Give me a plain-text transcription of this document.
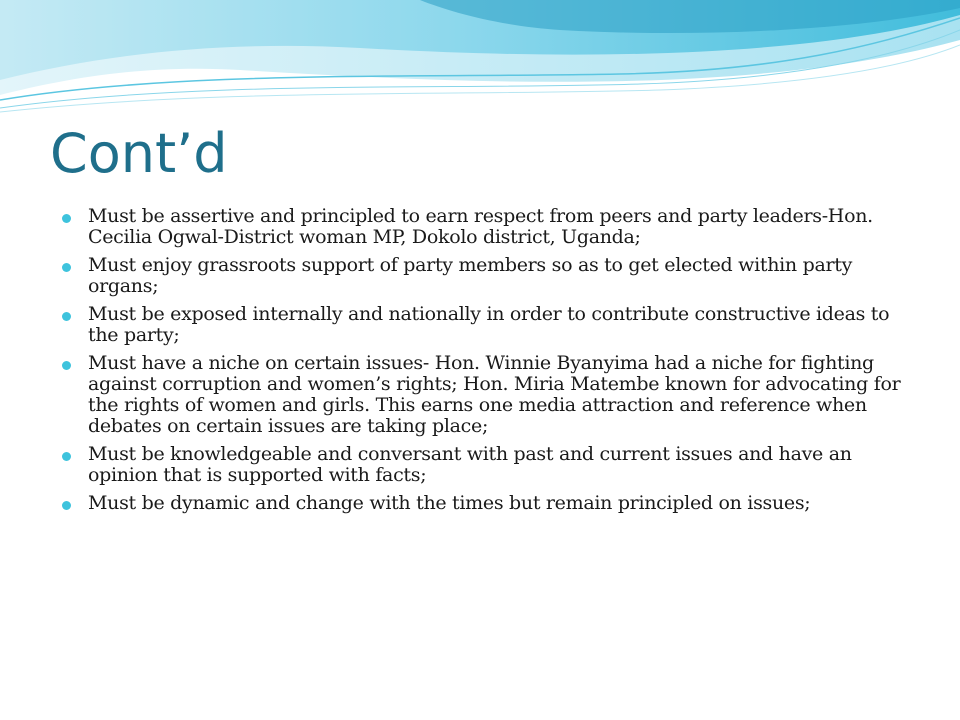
Cont’d
Must be assertive and principled to earn respect from peers and party leaders-Hon. Cecilia Ogwal-District woman MP, Dokolo district, Uganda;
Must enjoy grassroots support of party members so as to get elected within party organs;
Must be exposed internally and nationally in order to contribute constructive ideas to the party;
Must have a niche on certain issues- Hon. Winnie Byanyima had a niche for fighting against corruption and women’s rights; Hon. Miria Matembe known for advocating for the rights of women and girls. This earns one media attraction and reference when debates on certain issues are taking place;
Must be knowledgeable and conversant with past and current issues and have an opinion that is supported with facts;
Must be dynamic and change with the times but remain principled on issues;
